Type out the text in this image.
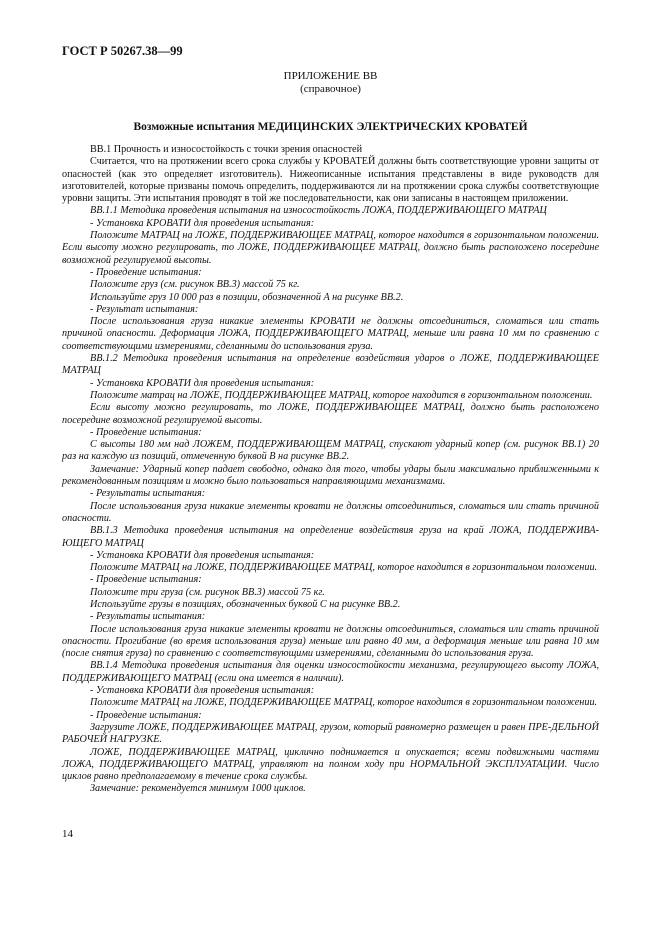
ГОСТ Р 50267.38—99
ПРИЛОЖЕНИЕ ВВ
(справочное)
Возможные испытания МЕДИЦИНСКИХ ЭЛЕКТРИЧЕСКИХ КРОВАТЕЙ

ВВ.1 Прочность и износостойкость с точки зрения опасностей

Считается, что на протяжении всего срока службы у КРОВАТЕЙ должны быть соответствующие уровни защиты от опасностей (как это определяет изготовитель). Нижеописанные испытания представлены в виде руководств для изготовителей, которые призваны помочь определить, поддерживаются ли на протяжении срока службы соответствующие уровни защиты. Эти испытания проводят в той же последовательности, как они записаны в настоящем приложении.

ВВ.1.1 Методика проведения испытания на износостойкость ЛОЖА, ПОДДЕРЖИВАЮЩЕГО МАТРАЦ

- Установка КРОВАТИ для проведения испытания:

Положите МАТРАЦ на ЛОЖЕ, ПОДДЕРЖИВАЮЩЕЕ МАТРАЦ, которое находится в горизонтальном положении. Если высоту можно регулировать, то ЛОЖЕ, ПОДДЕРЖИВАЮЩЕЕ МАТРАЦ, должно быть расположено посередине возможной регулируемой высоты.

- Проведение испытания:

Положите груз (см. рисунок ВВ.3) массой 75 кг.

Используйте груз 10 000 раз в позиции, обозначенной A на рисунке ВВ.2.

- Результат испытания:

После использования груза никакие элементы КРОВАТИ не должны отсоединиться, сломаться или стать причиной опасности. Деформация ЛОЖА, ПОДДЕРЖИВАЮЩЕГО МАТРАЦ, меньше или равна 10 мм по сравнению с соответствующими измерениями, сделанными до использования груза.

ВВ.1.2 Методика проведения испытания на определение воздействия ударов о ЛОЖЕ, ПОДДЕРЖИВАЮЩЕЕ МАТРАЦ

- Установка КРОВАТИ для проведения испытания:

Положите матрац на ЛОЖЕ, ПОДДЕРЖИВАЮЩЕЕ МАТРАЦ, которое находится в горизонтальном положении.

Если высоту можно регулировать, то ЛОЖЕ, ПОДДЕРЖИВАЮЩЕЕ МАТРАЦ, должно быть расположено посередине возможной регулируемой высоты.

- Проведение испытания:

С высоты 180 мм над ЛОЖЕМ, ПОДДЕРЖИВАЮЩЕМ МАТРАЦ, спускают ударный копер (см. рисунок ВВ.1) 20 раз на каждую из позиций, отмеченную буквой B на рисунке ВВ.2.

Замечание: Ударный копер падает свободно, однако для того, чтобы удары были максимально приближенными к рекомендованным позициям и можно было пользоваться направляющими механизмами.

- Результаты испытания:

После использования груза никакие элементы кровати не должны отсоединиться, сломаться или стать причиной опасности.

ВВ.1.3 Методика проведения испытания на определение воздействия груза на край ЛОЖА, ПОДДЕРЖИВА-ЮЩЕГО МАТРАЦ

- Установка КРОВАТИ для проведения испытания:

Положите МАТРАЦ на ЛОЖЕ, ПОДДЕРЖИВАЮЩЕЕ МАТРАЦ, которое находится в горизонтальном положении.

- Проведение испытания:

Положите три груза (см. рисунок ВВ.3) массой 75 кг.

Используйте грузы в позициях, обозначенных буквой C на рисунке ВВ.2.

- Результаты испытания:

После использования груза никакие элементы кровати не должны отсоединиться, сломаться или стать причиной опасности. Прогибание (во время использования груза) меньше или равно 40 мм, а деформация меньше или равна 10 мм (после снятия груза) по сравнению с соответствующими измерениями, сделанными до использования груза.

ВВ.1.4 Методика проведения испытания для оценки износостойкости механизма, регулирующего высоту ЛОЖА, ПОДДЕРЖИВАЮЩЕГО МАТРАЦ (если она имеется в наличии).

- Установка КРОВАТИ для проведения испытания:

Положите МАТРАЦ на ЛОЖЕ, ПОДДЕРЖИВАЮЩЕЕ МАТРАЦ, которое находится в горизонтальном положении.

- Проведение испытания:

Загрузите ЛОЖЕ, ПОДДЕРЖИВАЮЩЕЕ МАТРАЦ, грузом, который равномерно размещен и равен ПРЕ-ДЕЛЬНОЙ РАБОЧЕЙ НАГРУЗКЕ.

ЛОЖЕ, ПОДДЕРЖИВАЮЩЕЕ МАТРАЦ, циклично поднимается и опускается; всеми подвижными частями ЛОЖА, ПОДДЕРЖИВАЮЩЕГО МАТРАЦ, управляют на полном ходу при НОРМАЛЬНОЙ ЭКСПЛУАТАЦИИ. Число циклов равно предполагаемому в течение срока службы.

Замечание: рекомендуется минимум 1000 циклов.

14
